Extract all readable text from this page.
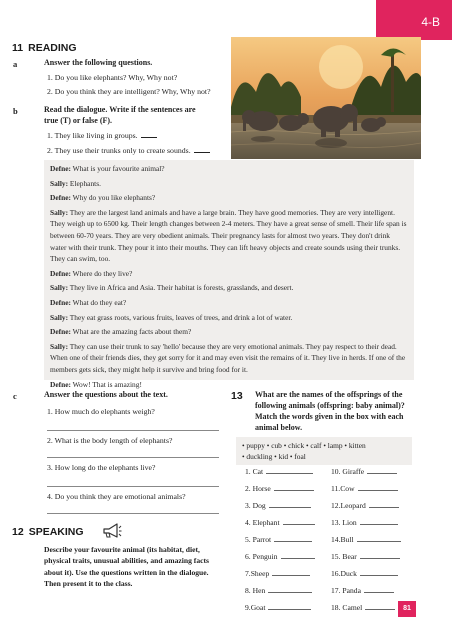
4-B
11 READING
a	Answer the following questions.
1. Do you like elephants? Why, Why not?
2. Do you think they are intelligent? Why, Why not?
b	Read the dialogue. Write if the sentences are
true (T) or false (F).
1. They like living in groups.
2. They use their trunks only to create sounds.

Defne: What is your favourite animal?

Sally: Elephants.

Defne: Why do you like elephants?

Sally: They are the largest land animals and have a large brain. They have good memories. They are very intelligent. They weigh up to 6500 kg. Their length changes between 2-4 meters. They have a great sense of smell. Their life span is between 60-70 years. They are very obedient animals. Their pregnancy lasts for almost two years. They don't drink water with their trunk. They pour it into their mouths. They can lift heavy objects and create sounds using their trunks. They can swim, too.

Defne: Where do they live?

Sally: They live in Africa and Asia. Their habitat is forests, grasslands, and desert.

Defne: What do they eat?

Sally: They eat grass roots, various fruits, leaves of trees, and drink a lot of water.

Defne: What are the amazing facts about them?

Sally: They can use their trunk to say 'hello' because they are very emotional animals. They pay respect to their dead. When one of their friends dies, they get sorry for it and may even visit the remains of it. They live in herds. If one of the members gets sick, they might help it survive and bring food for it.

Defne: Wow! That is amazing!

c	Answer the questions about the text.
1. How much do elephants weigh?
2. What is the body length of elephants?
3. How long do the elephants live?
4. Do you think they are emotional animals?
12 SPEAKING
Describe your favourite animal (its habitat, diet, physical traits, unusual abilities, and amazing facts about it). Use the questions written in the dialogue. Then present it to the class.
13 What are the names of the offsprings of the
following animals (offspring: baby animal)?
Match the words given in the box with each
animal below.
• puppy • cub • chick • calf • lamp • kitten
• duckling • kid • foal
1. Cat
2. Horse
3. Dog
4. Elephant
5. Parrot
6. Penguin
7.Sheep
8. Hen
9.Goat
10. Giraffe
11.Cow
12.Leopard
13. Lion
14.Bull
15. Bear
16.Duck
17. Panda
18. Camel	81
